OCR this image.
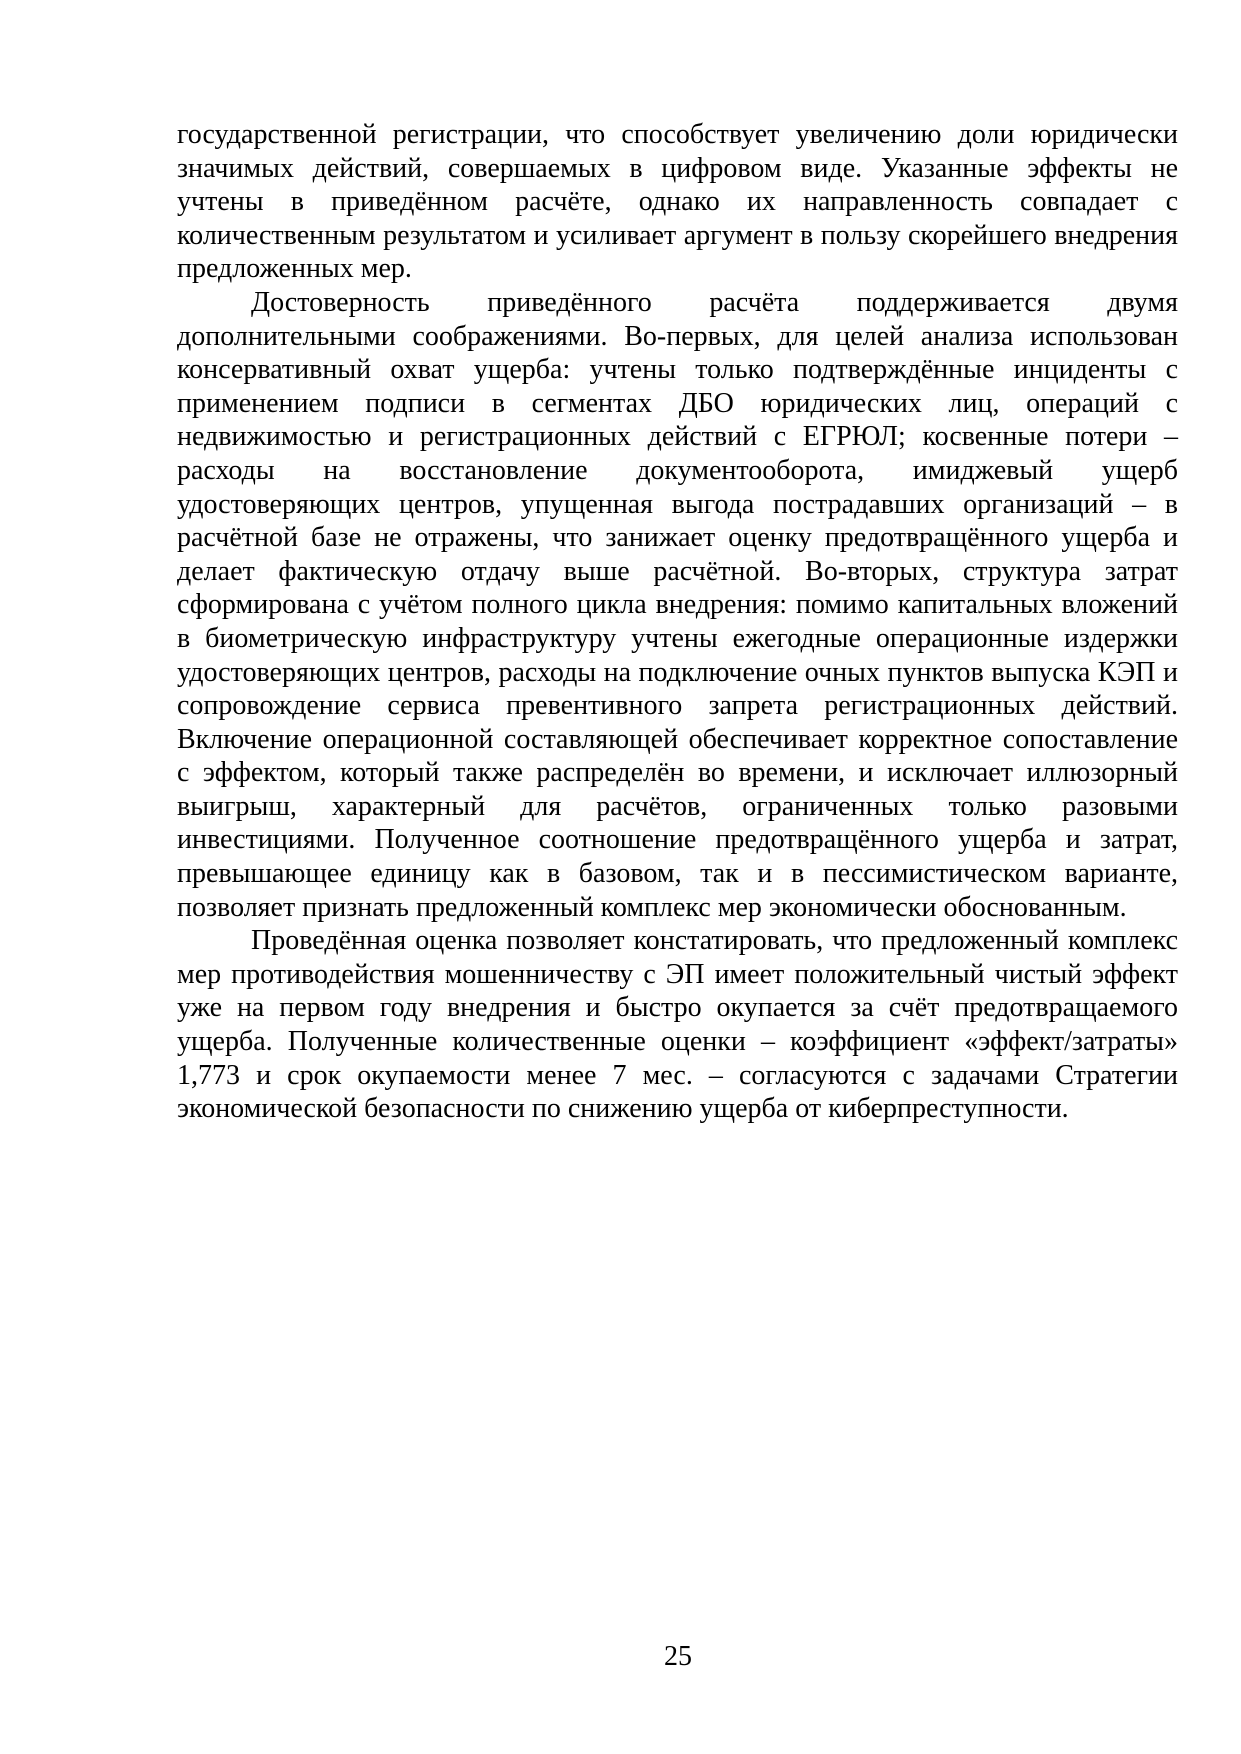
государственной регистрации, что способствует увеличению доли юридически значимых действий, совершаемых в цифровом виде. Указанные эффекты не учтены в приведённом расчёте, однако их направленность совпадает с количественным результатом и усиливает аргумент в пользу скорейшего внедрения предложенных мер.

Достоверность приведённого расчёта поддерживается двумя дополнительными соображениями. Во-первых, для целей анализа использован консервативный охват ущерба: учтены только подтверждённые инциденты с применением подписи в сегментах ДБО юридических лиц, операций с недвижимостью и регистрационных действий с ЕГРЮЛ; косвенные потери – расходы на восстановление документооборота, имиджевый ущерб удостоверяющих центров, упущенная выгода пострадавших организаций – в расчётной базе не отражены, что занижает оценку предотвращённого ущерба и делает фактическую отдачу выше расчётной. Во-вторых, структура затрат сформирована с учётом полного цикла внедрения: помимо капитальных вложений в биометрическую инфраструктуру учтены ежегодные операционные издержки удостоверяющих центров, расходы на подключение очных пунктов выпуска КЭП и сопровождение сервиса превентивного запрета регистрационных действий. Включение операционной составляющей обеспечивает корректное сопоставление с эффектом, который также распределён во времени, и исключает иллюзорный выигрыш, характерный для расчётов, ограниченных только разовыми инвестициями. Полученное соотношение предотвращённого ущерба и затрат, превышающее единицу как в базовом, так и в пессимистическом варианте, позволяет признать предложенный комплекс мер экономически обоснованным.

Проведённая оценка позволяет констатировать, что предложенный комплекс мер противодействия мошенничеству с ЭП имеет положительный чистый эффект уже на первом году внедрения и быстро окупается за счёт предотвращаемого ущерба. Полученные количественные оценки – коэффициент «эффект/затраты» 1,773 и срок окупаемости менее 7 мес. – согласуются с задачами Стратегии экономической безопасности по снижению ущерба от киберпреступности.

25
